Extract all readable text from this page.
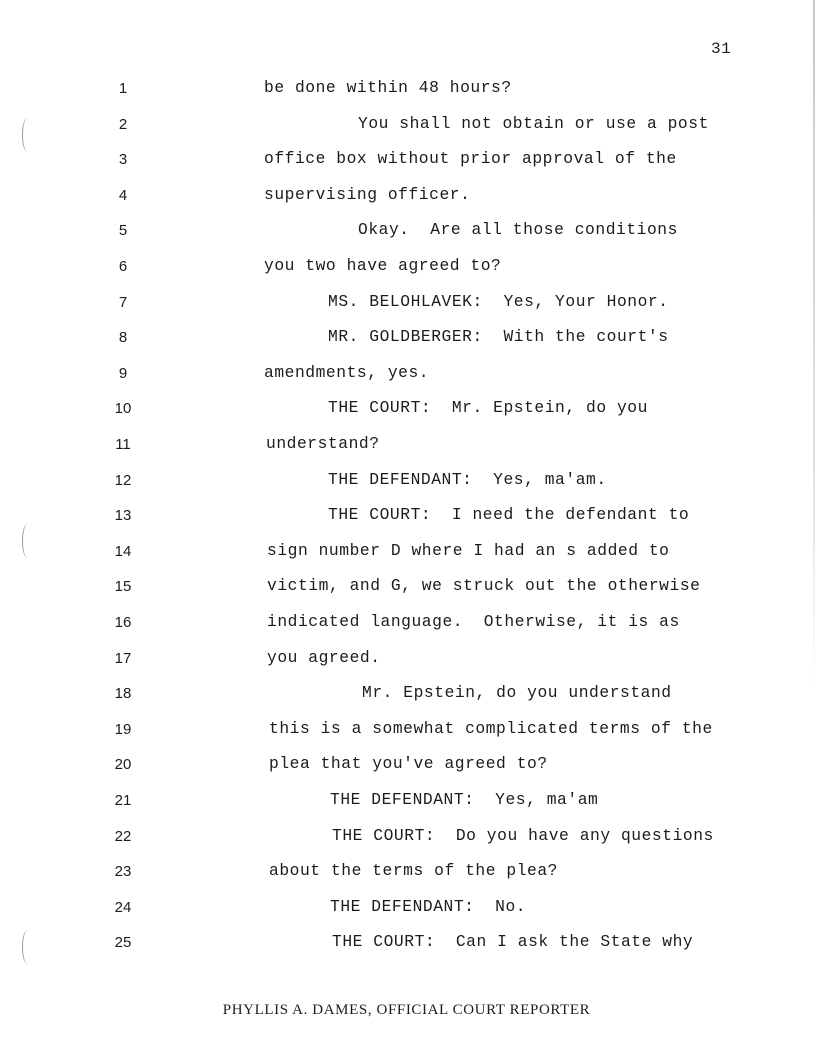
31
1	be done within 48 hours?
2	You shall not obtain or use a post
3	office box without prior approval of the
4	supervising officer.
5	Okay.  Are all those conditions
6	you two have agreed to?
7	MS. BELOHLAVEK:  Yes, Your Honor.
8	MR. GOLDBERGER:  With the court's
9	amendments, yes.
10	THE COURT:  Mr. Epstein, do you
11	understand?
12	THE DEFENDANT:  Yes, ma'am.
13	THE COURT:  I need the defendant to
14	sign number D where I had an s added to
15	victim, and G, we struck out the otherwise
16	indicated language.  Otherwise, it is as
17	you agreed.
18	Mr. Epstein, do you understand
19	this is a somewhat complicated terms of the
20	plea that you've agreed to?
21	THE DEFENDANT:  Yes, ma'am
22	THE COURT:  Do you have any questions
23	about the terms of the plea?
24	THE DEFENDANT:  No.
25	THE COURT:  Can I ask the State why
PHYLLIS A. DAMES, OFFICIAL COURT REPORTER
